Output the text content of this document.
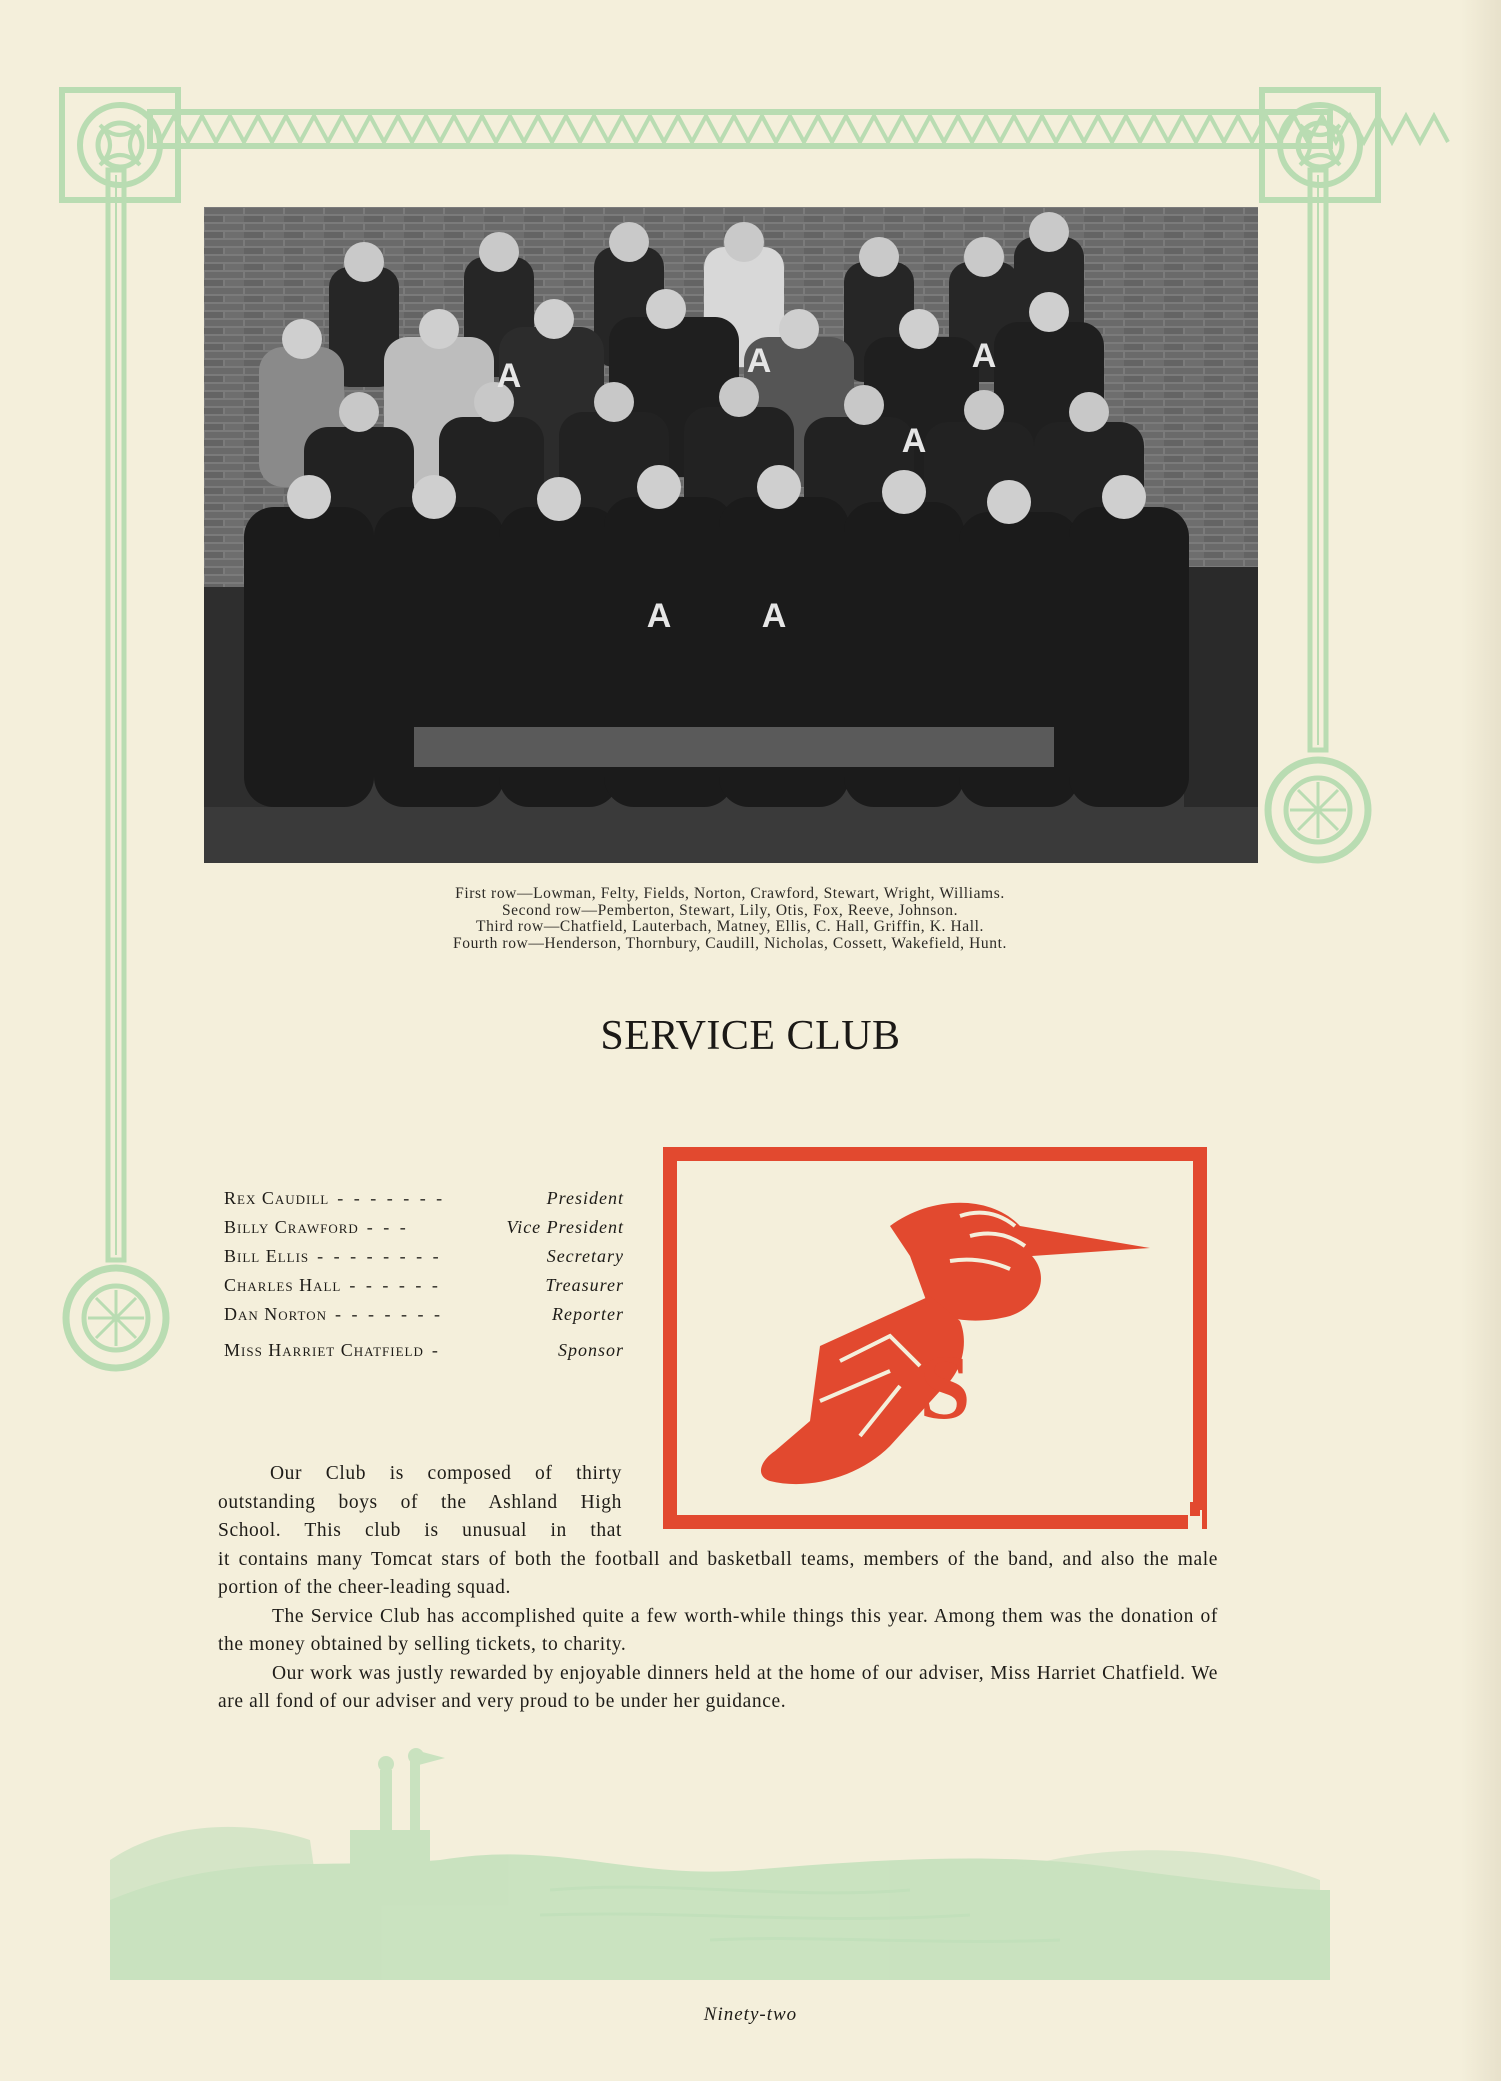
A	A	A
A
A	A
First row—Lowman, Felty, Fields, Norton, Crawford, Stewart, Wright, Williams.
Second row—Pemberton, Stewart, Lily, Otis, Fox, Reeve, Johnson.
Third row—Chatfield, Lauterbach, Matney, Ellis, C. Hall, Griffin, K. Hall.
Fourth row—Henderson, Thornbury, Caudill, Nicholas, Cossett, Wakefield, Hunt.
SERVICE CLUB
Rex Caudill - - - - - - -	President
Billy Crawford - - -	Vice President
Bill Ellis - - - - - - - -	Secretary
Charles Hall - - - - - -	Treasurer
Dan Norton - - - - - - -	Reporter
Miss Harriet Chatfield -	Sponsor	S
Our Club is composed of thirty
outstanding boys of the Ashland High
School. This club is unusual in that

it contains many Tomcat stars of both the football and basketball teams, members of the band, and also the male portion of the cheer-leading squad.

The Service Club has accomplished quite a few worth-while things this year. Among them was the donation of the money obtained by selling tickets, to charity.

Our work was justly rewarded by enjoyable dinners held at the home of our adviser, Miss Harriet Chatfield. We are all fond of our adviser and very proud to be under her guidance.

Ninety-two
